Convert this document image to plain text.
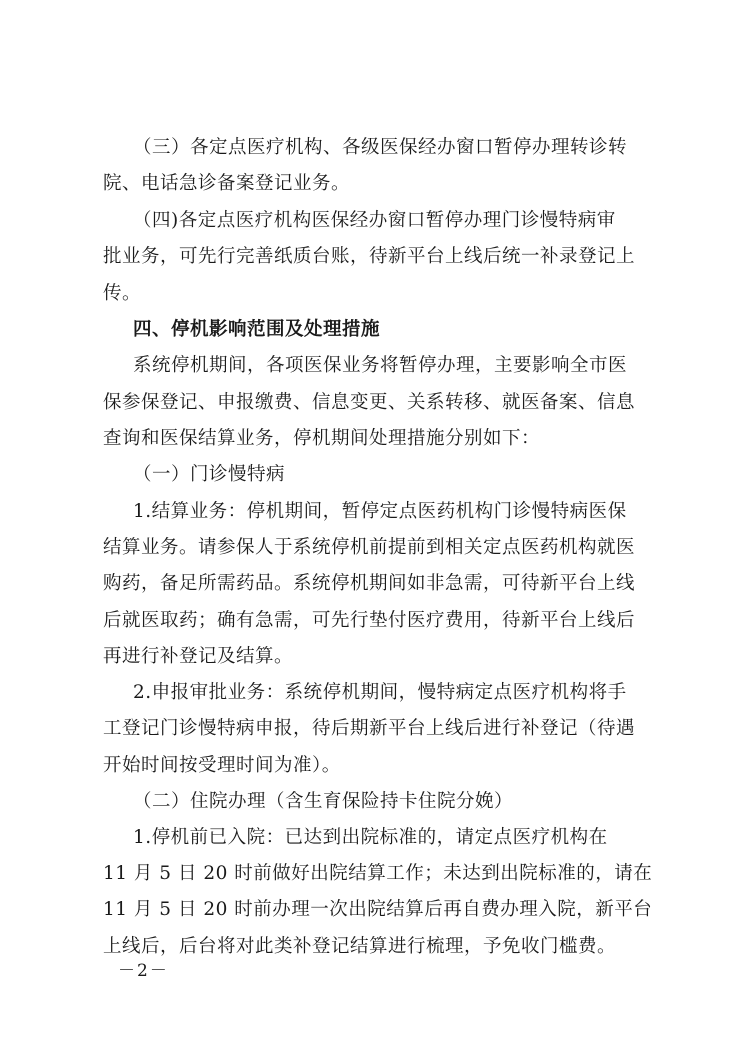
（三）各定点医疗机构、各级医保经办窗口暂停办理转诊转
院、电话急诊备案登记业务。
（四)各定点医疗机构医保经办窗口暂停办理门诊慢特病审
批业务，可先行完善纸质台账，待新平台上线后统一补录登记上
传。
四、停机影响范围及处理措施
系统停机期间，各项医保业务将暂停办理，主要影响全市医
保参保登记、申报缴费、信息变更、关系转移、就医备案、信息
查询和医保结算业务，停机期间处理措施分别如下：
（一）门诊慢特病
1.结算业务：停机期间，暂停定点医药机构门诊慢特病医保
结算业务。请参保人于系统停机前提前到相关定点医药机构就医
购药，备足所需药品。系统停机期间如非急需，可待新平台上线
后就医取药；确有急需，可先行垫付医疗费用，待新平台上线后
再进行补登记及结算。
2.申报审批业务：系统停机期间，慢特病定点医疗机构将手
工登记门诊慢特病申报，待后期新平台上线后进行补登记（待遇
开始时间按受理时间为准）。
（二）住院办理（含生育保险持卡住院分娩）
1.停机前已入院：已达到出院标准的，请定点医疗机构在
11 月 5 日 20 时前做好出院结算工作；未达到出院标准的，请在
11 月 5 日 20 时前办理一次出院结算后再自费办理入院，新平台
上线后，后台将对此类补登记结算进行梳理，予免收门槛费。
－2－
